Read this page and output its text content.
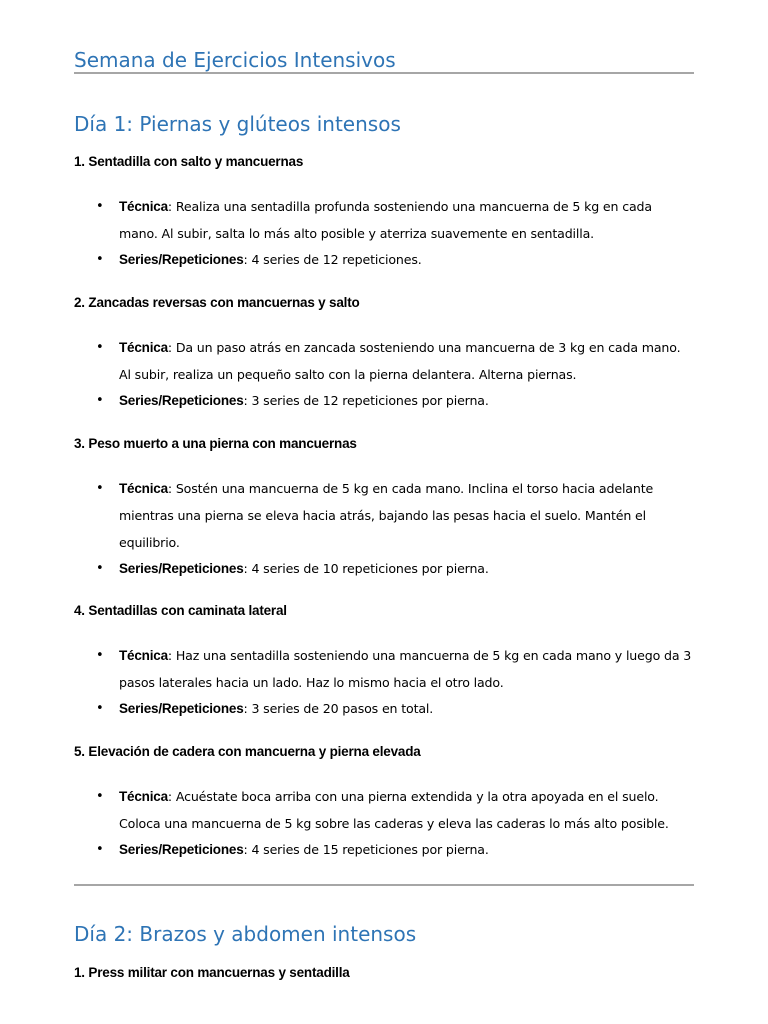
Semana de Ejercicios Intensivos
Día 1: Piernas y glúteos intensos
1. Sentadilla con salto y mancuernas
• Técnica: Realiza una sentadilla profunda sosteniendo una mancuerna de 5 kg en cada
mano. Al subir, salta lo más alto posible y aterriza suavemente en sentadilla.
• Series/Repeticiones: 4 series de 12 repeticiones.
2. Zancadas reversas con mancuernas y salto
• Técnica: Da un paso atrás en zancada sosteniendo una mancuerna de 3 kg en cada mano.
Al subir, realiza un pequeño salto con la pierna delantera. Alterna piernas.
• Series/Repeticiones: 3 series de 12 repeticiones por pierna.
3. Peso muerto a una pierna con mancuernas
• Técnica: Sostén una mancuerna de 5 kg en cada mano. Inclina el torso hacia adelante
mientras una pierna se eleva hacia atrás, bajando las pesas hacia el suelo. Mantén el
equilibrio.
• Series/Repeticiones: 4 series de 10 repeticiones por pierna.
4. Sentadillas con caminata lateral
• Técnica: Haz una sentadilla sosteniendo una mancuerna de 5 kg en cada mano y luego da 3
pasos laterales hacia un lado. Haz lo mismo hacia el otro lado.
• Series/Repeticiones: 3 series de 20 pasos en total.
5. Elevación de cadera con mancuerna y pierna elevada
• Técnica: Acuéstate boca arriba con una pierna extendida y la otra apoyada en el suelo.
Coloca una mancuerna de 5 kg sobre las caderas y eleva las caderas lo más alto posible.
• Series/Repeticiones: 4 series de 15 repeticiones por pierna.
Día 2: Brazos y abdomen intensos
1. Press militar con mancuernas y sentadilla
